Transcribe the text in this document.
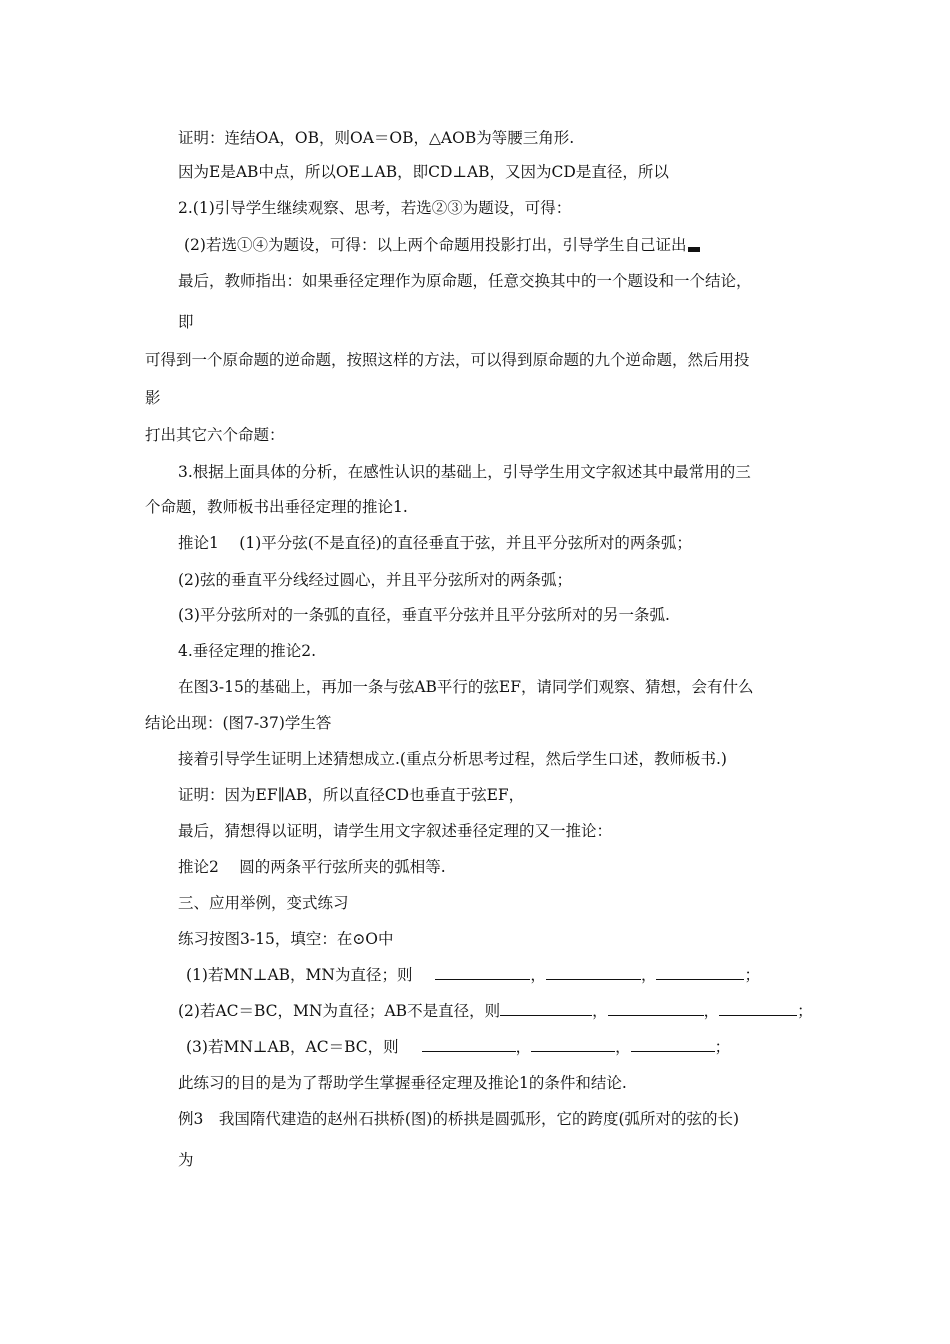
证明：连结OA，OB，则OA＝OB，△AOB为等腰三角形.
因为E是AB中点，所以OE⊥AB，即CD⊥AB，又因为CD是直径，所以
2.(1)引导学生继续观察、思考，若选②③为题设，可得：
(2)若选①④为题设，可得：以上两个命题用投影打出，引导学生自己证出
最后，教师指出：如果垂径定理作为原命题，任意交换其中的一个题设和一个结论，
即
可得到一个原命题的逆命题，按照这样的方法，可以得到原命题的九个逆命题，然后用投
影
打出其它六个命题：
3.根据上面具体的分析，在感性认识的基础上，引导学生用文字叙述其中最常用的三
个命题，教师板书出垂径定理的推论1.
推论1　 (1)平分弦(不是直径)的直径垂直于弦，并且平分弦所对的两条弧；
(2)弦的垂直平分线经过圆心，并且平分弦所对的两条弧；
(3)平分弦所对的一条弧的直径，垂直平分弦并且平分弦所对的另一条弧.
4.垂径定理的推论2.
在图3-15的基础上，再加一条与弦AB平行的弦EF，请同学们观察、猜想，会有什么
结论出现：(图7-37)学生答
接着引导学生证明上述猜想成立.(重点分析思考过程，然后学生口述，教师板书.)
证明：因为EF∥AB，所以直径CD也垂直于弦EF，
最后，猜想得以证明，请学生用文字叙述垂径定理的又一推论：
推论2　 圆的两条平行弦所夹的弧相等.
三、应用举例，变式练习
练习按图3-15，填空：在⊙O中
(1)若MN⊥AB，MN为直径；则	，	，	；
(2)若AC＝BC，MN为直径；AB不是直径，则	，	，	；
(3)若MN⊥AB，AC＝BC，则	，	，	；
此练习的目的是为了帮助学生掌握垂径定理及推论1的条件和结论.
例3　我国隋代建造的赵州石拱桥(图)的桥拱是圆弧形，它的跨度(弧所对的弦的长)
为
